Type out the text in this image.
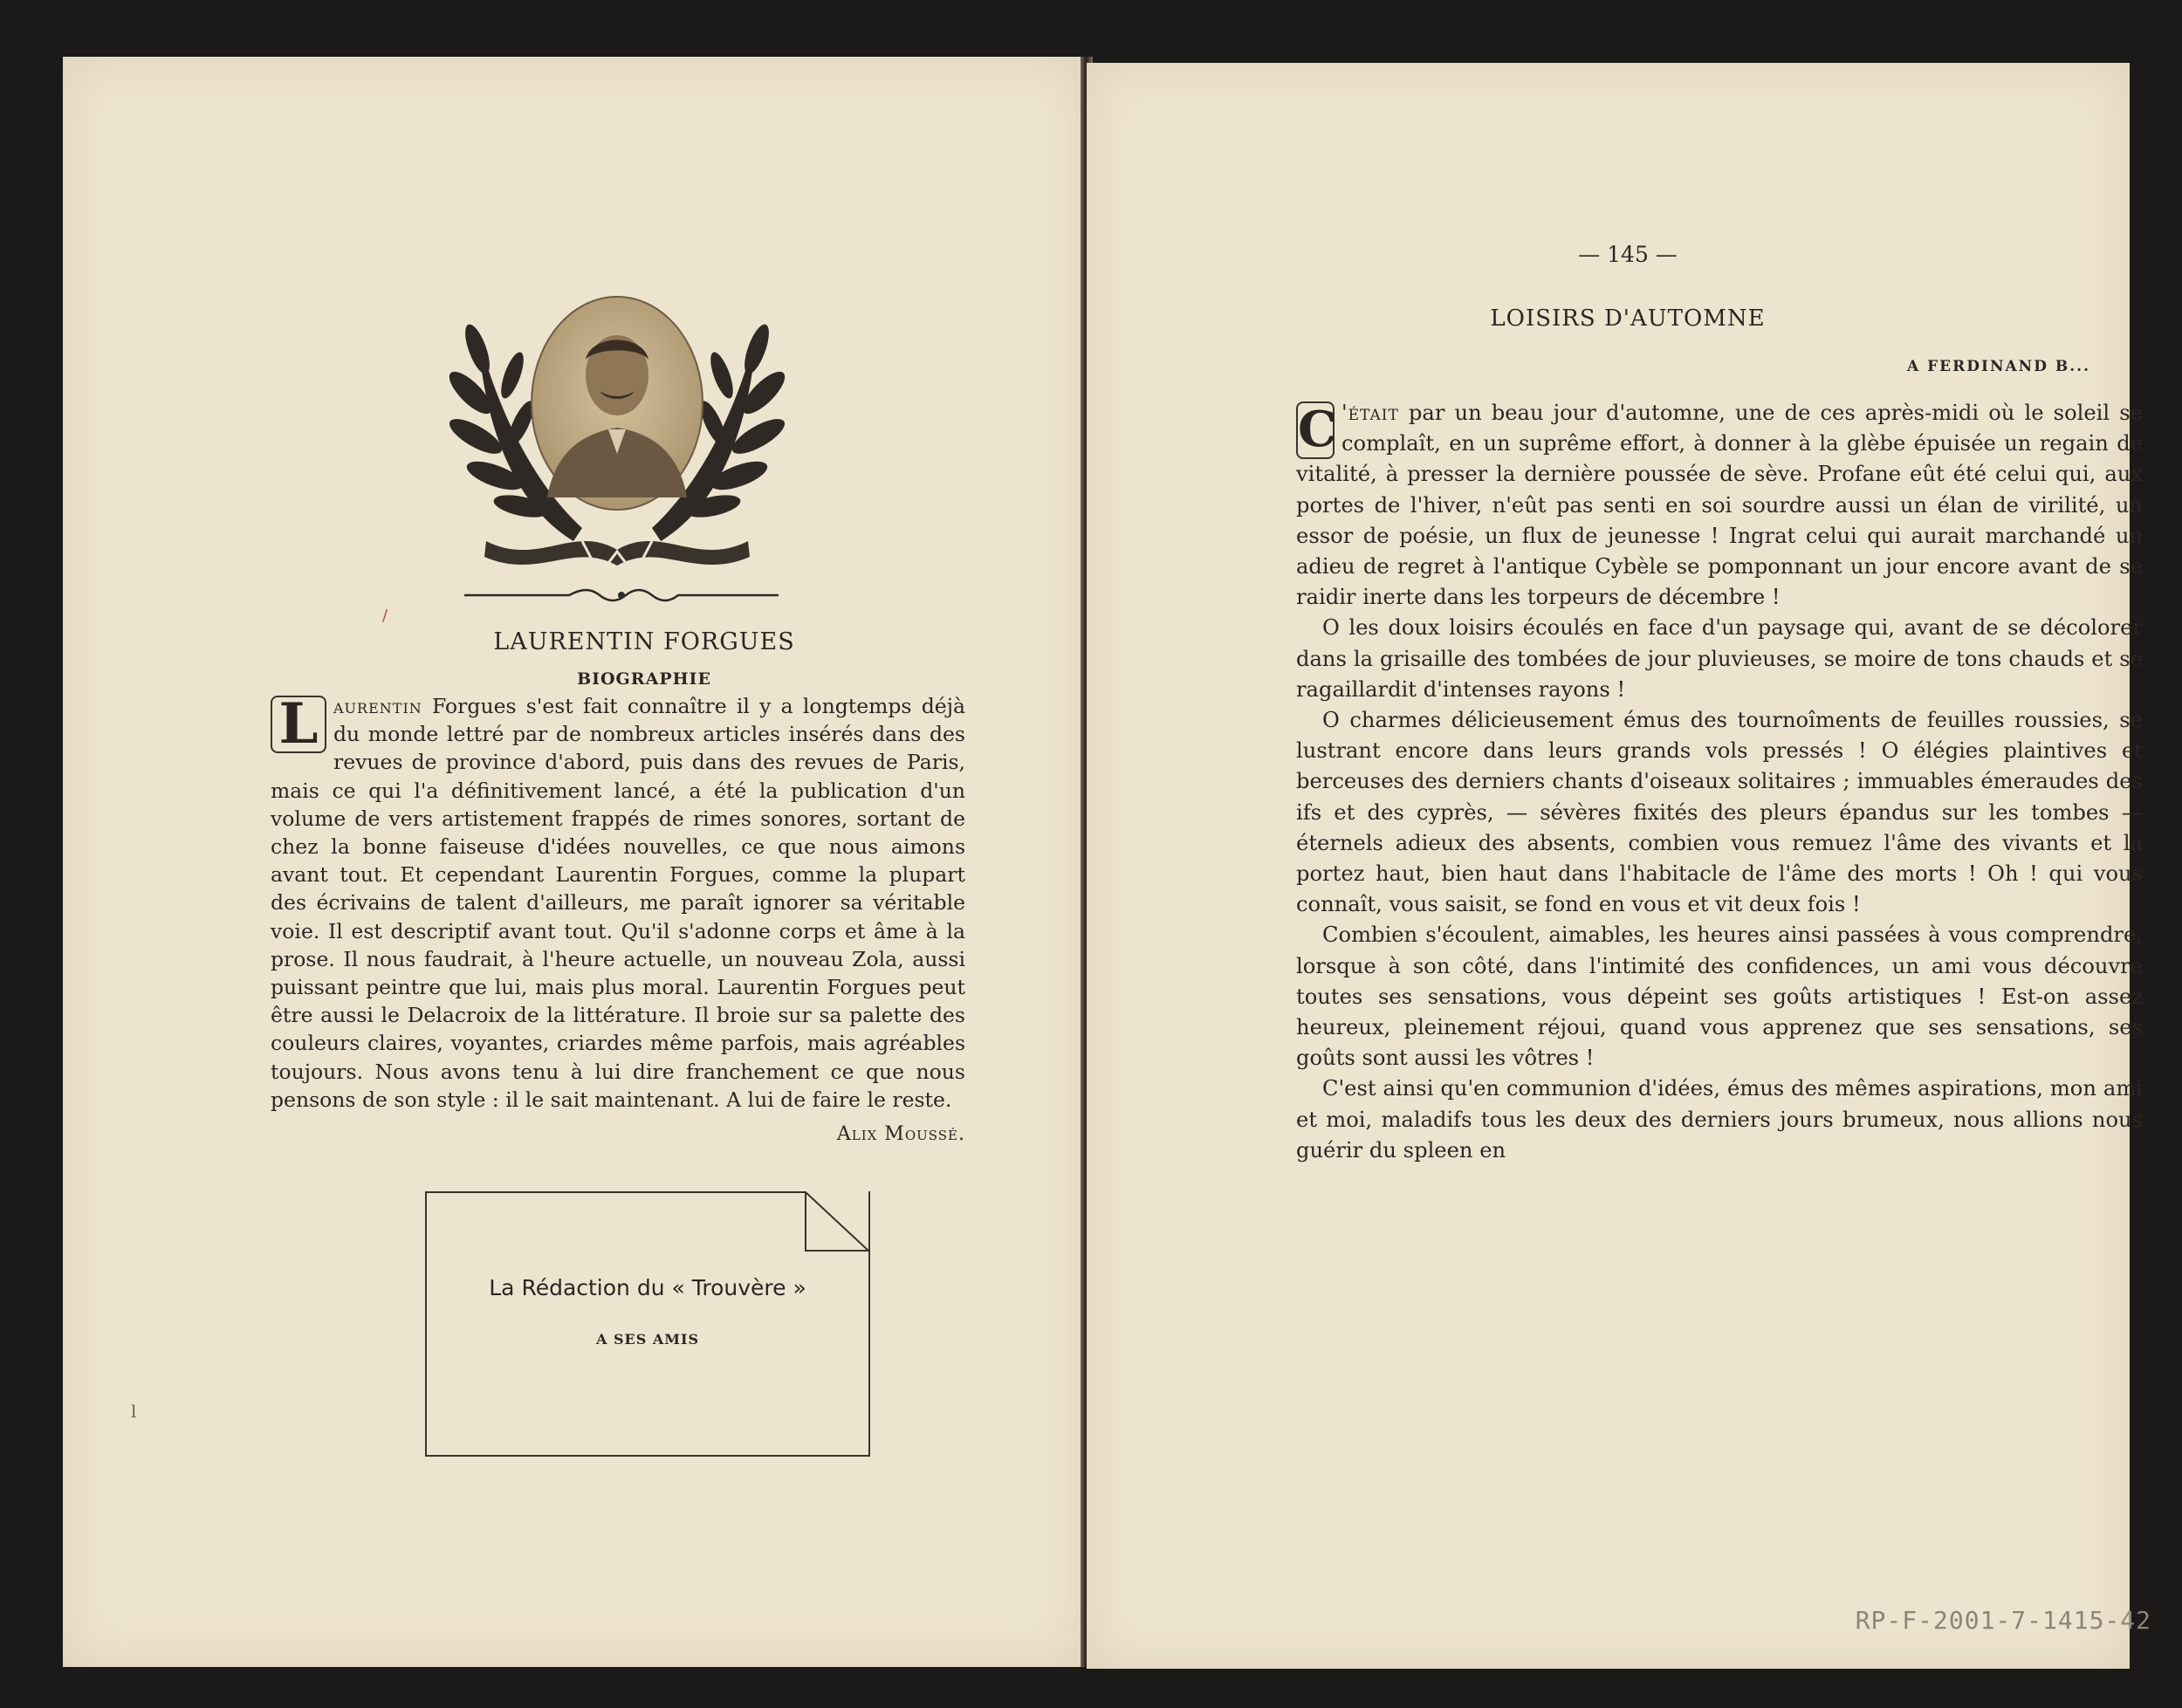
/
LAURENTIN FORGUES
BIOGRAPHIE
L aurentin Forgues s'est fait connaître il y a longtemps déjà du monde lettré par de nombreux articles insérés dans des revues de province d'abord, puis dans des revues de Paris, mais ce qui l'a définitivement lancé, a été la publication d'un volume de vers artistement frappés de rimes sonores, sortant de chez la bonne faiseuse d'idées nouvelles, ce que nous aimons avant tout. Et cependant Laurentin Forgues, comme la plupart des écrivains de talent d'ailleurs, me paraît ignorer sa véritable voie. Il est descriptif avant tout. Qu'il s'adonne corps et âme à la prose. Il nous faudrait, à l'heure actuelle, un nouveau Zola, aussi puissant peintre que lui, mais plus moral. Laurentin Forgues peut être aussi le Delacroix de la littérature. Il broie sur sa palette des couleurs claires, voyantes, criardes même parfois, mais agréables toujours. Nous avons tenu à lui dire franchement ce que nous pensons de son style : il le sait maintenant. A lui de faire le reste.
Alix Moussé.
La Rédaction du « Trouvère »
A SES AMIS
l
— 145 —
LOISIRS D'AUTOMNE
A FERDINAND B...

C 'était par un beau jour d'automne, une de ces après-midi où le soleil se complaît, en un suprême effort, à donner à la glèbe épuisée un regain de vitalité, à presser la dernière poussée de sève. Profane eût été celui qui, aux portes de l'hiver, n'eût pas senti en soi sourdre aussi un élan de virilité, un essor de poésie, un flux de jeunesse ! Ingrat celui qui aurait marchandé un adieu de regret à l'antique Cybèle se pomponnant un jour encore avant de se raidir inerte dans les torpeurs de décembre !

O les doux loisirs écoulés en face d'un paysage qui, avant de se décolorer dans la grisaille des tombées de jour pluvieuses, se moire de tons chauds et se ragaillardit d'intenses rayons !

O charmes délicieusement émus des tournoîments de feuilles roussies, se lustrant encore dans leurs grands vols pressés ! O élégies plaintives et berceuses des derniers chants d'oiseaux solitaires ; immuables émeraudes des ifs et des cyprès, — sévères fixités des pleurs épandus sur les tombes — éternels adieux des absents, combien vous remuez l'âme des vivants et la portez haut, bien haut dans l'habitacle de l'âme des morts ! Oh ! qui vous connaît, vous saisit, se fond en vous et vit deux fois !

Combien s'écoulent, aimables, les heures ainsi passées à vous comprendre, lorsque à son côté, dans l'intimité des confidences, un ami vous découvre toutes ses sensations, vous dépeint ses goûts artistiques ! Est-on assez heureux, pleinement réjoui, quand vous apprenez que ses sensations, ses goûts sont aussi les vôtres !

C'est ainsi qu'en communion d'idées, émus des mêmes aspirations, mon ami et moi, maladifs tous les deux des derniers jours brumeux, nous allions nous guérir du spleen en

RP-F-2001-7-1415-42
